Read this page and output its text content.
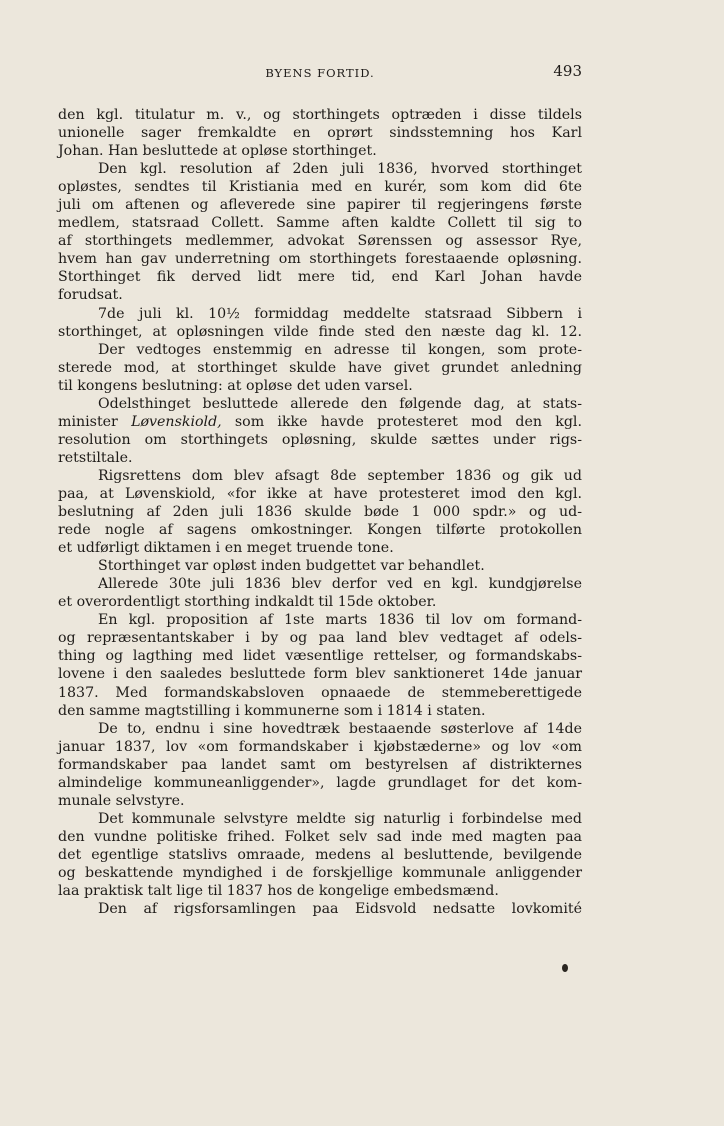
BYENS FORTID.	493
den kgl. titulatur m. v., og storthingets optræden i disse tildels
unionelle sager fremkaldte en oprørt sindsstemning hos Karl
Johan. Han besluttede at opløse storthinget.
Den kgl. resolution af 2den juli 1836, hvorved storthinget
opløstes, sendtes til Kristiania med en kurér, som kom did 6te
juli om aftenen og afleverede sine papirer til regjeringens første
medlem, statsraad Collett. Samme aften kaldte Collett til sig to
af storthingets medlemmer, advokat Sørenssen og assessor Rye,
hvem han gav underretning om storthingets forestaaende opløsning.
Storthinget fik derved lidt mere tid, end Karl Johan havde
forudsat.
7de juli kl. 10½ formiddag meddelte statsraad Sibbern i
storthinget, at opløsningen vilde finde sted den næste dag kl. 12.
Der vedtoges enstemmig en adresse til kongen, som prote-
sterede mod, at storthinget skulde have givet grundet anledning
til kongens beslutning: at opløse det uden varsel.
Odelsthinget besluttede allerede den følgende dag, at stats-
minister Løvenskiold, som ikke havde protesteret mod den kgl.
resolution om storthingets opløsning, skulde sættes under rigs-
retstiltale.
Rigsrettens dom blev afsagt 8de september 1836 og gik ud
paa, at Løvenskiold, «for ikke at have protesteret imod den kgl.
beslutning af 2den juli 1836 skulde bøde 1 000 spdr.» og ud-
rede nogle af sagens omkostninger. Kongen tilførte protokollen
et udførligt diktamen i en meget truende tone.
Storthinget var opløst inden budgettet var behandlet.
Allerede 30te juli 1836 blev derfor ved en kgl. kundgjørelse
et overordentligt storthing indkaldt til 15de oktober.
En kgl. proposition af 1ste marts 1836 til lov om formand-
og repræsentantskaber i by og paa land blev vedtaget af odels-
thing og lagthing med lidet væsentlige rettelser, og formandskabs-
lovene i den saaledes besluttede form blev sanktioneret 14de januar
1837. Med formandskabsloven opnaaede de stemmeberettigede
den samme magtstilling i kommunerne som i 1814 i staten.
De to, endnu i sine hovedtræk bestaaende søsterlove af 14de
januar 1837, lov «om formandskaber i kjøbstæderne» og lov «om
formandskaber paa landet samt om bestyrelsen af distrikternes
almindelige kommuneanliggender», lagde grundlaget for det kom-
munale selvstyre.
Det kommunale selvstyre meldte sig naturlig i forbindelse med
den vundne politiske frihed. Folket selv sad inde med magten paa
det egentlige statslivs omraade, medens al besluttende, bevilgende
og beskattende myndighed i de forskjellige kommunale anliggender
laa praktisk talt lige til 1837 hos de kongelige embedsmænd.
Den af rigsforsamlingen paa Eidsvold nedsatte lovkomité
